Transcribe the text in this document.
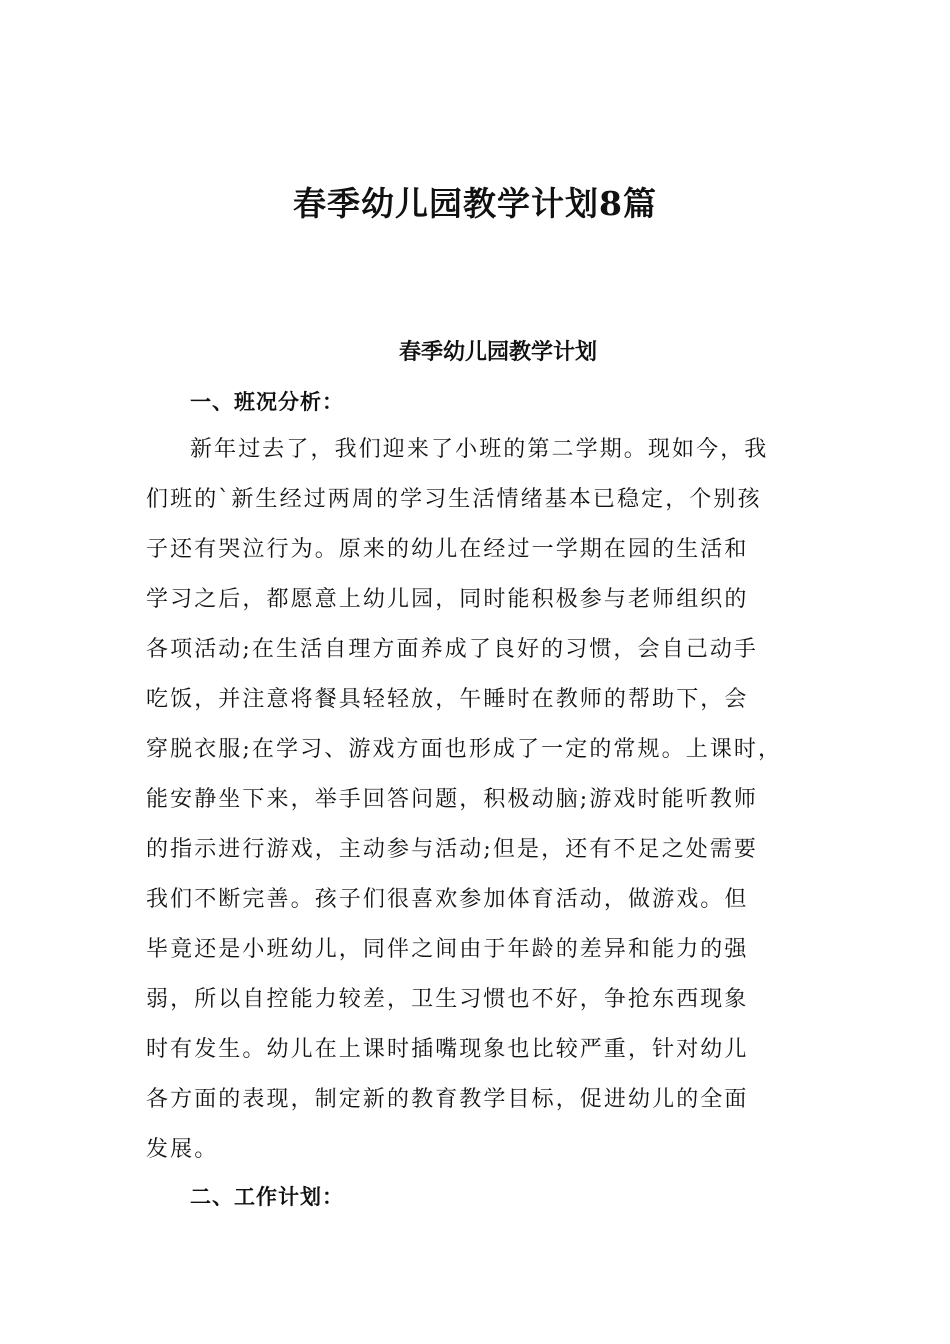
春季幼儿园教学计划8篇
春季幼儿园教学计划
一、班况分析：
新年过去了，我们迎来了小班的第二学期。现如今，我
们班的`新生经过两周的学习生活情绪基本已稳定，个别孩
子还有哭泣行为。原来的幼儿在经过一学期在园的生活和
学习之后，都愿意上幼儿园，同时能积极参与老师组织的
各项活动;在生活自理方面养成了良好的习惯，会自己动手
吃饭，并注意将餐具轻轻放，午睡时在教师的帮助下，会
穿脱衣服;在学习、游戏方面也形成了一定的常规。上课时，
能安静坐下来，举手回答问题，积极动脑;游戏时能听教师
的指示进行游戏，主动参与活动;但是，还有不足之处需要
我们不断完善。孩子们很喜欢参加体育活动，做游戏。但
毕竟还是小班幼儿，同伴之间由于年龄的差异和能力的强
弱，所以自控能力较差，卫生习惯也不好，争抢东西现象
时有发生。幼儿在上课时插嘴现象也比较严重，针对幼儿
各方面的表现，制定新的教育教学目标，促进幼儿的全面
发展。
二、工作计划：
